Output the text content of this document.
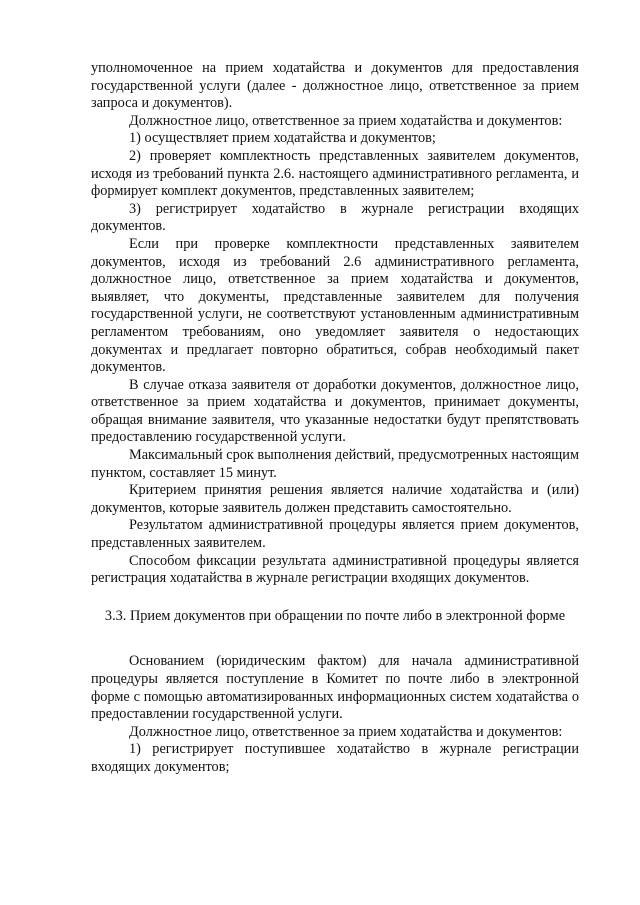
уполномоченное на прием ходатайства и документов для предоставления государственной услуги (далее - должностное лицо, ответственное за прием запроса и документов).

Должностное лицо, ответственное за прием ходатайства и документов:

1) осуществляет прием ходатайства и документов;

2) проверяет комплектность представленных заявителем документов, исходя из требований пункта 2.6. настоящего административного регламента, и формирует комплект документов, представленных заявителем;

3) регистрирует ходатайство в журнале регистрации входящих документов.

Если при проверке комплектности представленных заявителем документов, исходя из требований 2.6 административного регламента, должностное лицо, ответственное за прием ходатайства и документов, выявляет, что документы, представленные заявителем для получения государственной услуги, не соответствуют установленным административным регламентом требованиям, оно уведомляет заявителя о недостающих документах и предлагает повторно обратиться, собрав необходимый пакет документов.

В случае отказа заявителя от доработки документов, должностное лицо, ответственное за прием ходатайства и документов, принимает документы, обращая внимание заявителя, что указанные недостатки будут препятствовать предоставлению государственной услуги.

Максимальный срок выполнения действий, предусмотренных настоящим пунктом, составляет 15 минут.

Критерием принятия решения является наличие ходатайства и (или) документов, которые заявитель должен представить самостоятельно.

Результатом административной процедуры является прием документов, представленных заявителем.

Способом фиксации результата административной процедуры является регистрация ходатайства в журнале регистрации входящих документов.

3.3. Прием документов при обращении по почте либо в электронной форме

Основанием (юридическим фактом) для начала административной процедуры является поступление в Комитет по почте либо в электронной форме с помощью автоматизированных информационных систем ходатайства о предоставлении государственной услуги.

Должностное лицо, ответственное за прием ходатайства и документов:

1) регистрирует поступившее ходатайство в журнале регистрации входящих документов;
